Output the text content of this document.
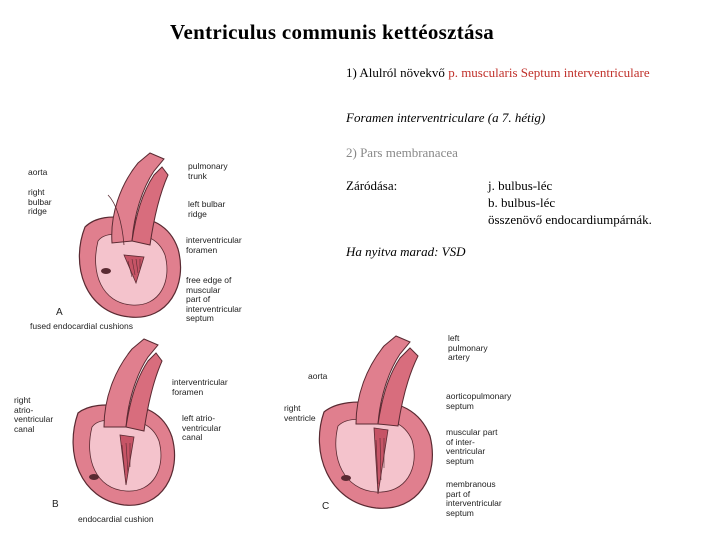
Ventriculus communis kettéosztása
1) Alulról növekvő p. muscularis Septum interventriculare
Foramen interventriculare (a 7. hétig)
2) Pars membranacea
Záródása:	j. bulbus-léc
b. bulbus-léc
összenövő endocardiumpárnák.
Ha nyitva marad: VSD
aorta
right
bulbar
ridge
pulmonary
trunk
left bulbar
ridge
interventricular
foramen
free edge of
muscular
part of
interventricular
septum
fused endocardial cushions
A
interventricular
foramen
right
atrio-
ventricular
canal
left atrio-
ventricular
canal
endocardial cushion
B
left
pulmonary
artery
aorta
aorticopulmonary
septum
right
ventricle
muscular part
of inter-
ventricular
septum
membranous
part of
interventricular
septum
C
